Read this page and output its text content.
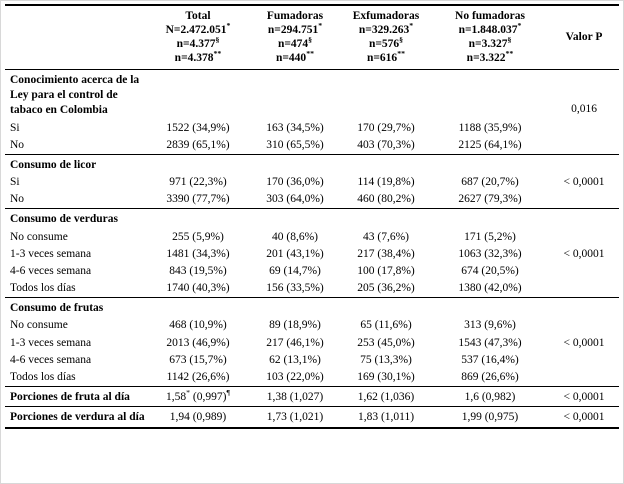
	Total
N=2.472.051*
n=4.377§
n=4.378**	Fumadoras
n=294.751*
n=474§
n=440**	Exfumadoras
n=329.263*
n=576§
n=616**	No fumadoras
n=1.848.037*
n=3.327§
n=3.322**	Valor P

Conocimiento acerca de la Ley para el control de tabaco en Colombia					0,016
Si	1522 (34,9%)	163 (34,5%)	170 (29,7%)	1188 (35,9%)	
No	2839 (65,1%)	310 (65,5%)	403 (70,3%)	2125 (64,1%)	
Consumo de licor					
Si	971 (22,3%)	170 (36,0%)	114 (19,8%)	687 (20,7%)	< 0,0001
No	3390 (77,7%)	303 (64,0%)	460 (80,2%)	2627 (79,3%)	
Consumo de verduras					
No consume	255 (5,9%)	40 (8,6%)	43 (7,6%)	171 (5,2%)	
1-3 veces semana	1481 (34,3%)	201 (43,1%)	217 (38,4%)	1063 (32,3%)	< 0,0001
4-6 veces semana	843 (19,5%)	69 (14,7%)	100 (17,8%)	674 (20,5%)	
Todos los días	1740 (40,3%)	156 (33,5%)	205 (36,2%)	1380 (42,0%)	
Consumo de frutas					
No consume	468 (10,9%)	89 (18,9%)	65 (11,6%)	313 (9,6%)	
1-3 veces semana	2013 (46,9%)	217 (46,1%)	253 (45,0%)	1543 (47,3%)	< 0,0001
4-6 veces semana	673 (15,7%)	62 (13,1%)	75 (13,3%)	537 (16,4%)	
Todos los días	1142 (26,6%)	103 (22,0%)	169 (30,1%)	869 (26,6%)	
Porciones de fruta al día	1,58* (0,997)¶	1,38 (1,027)	1,62 (1,036)	1,6 (0,982)	< 0,0001
Porciones de verdura al día	1,94 (0,989)	1,73 (1,021)	1,83 (1,011)	1,99 (0,975)	< 0,0001
